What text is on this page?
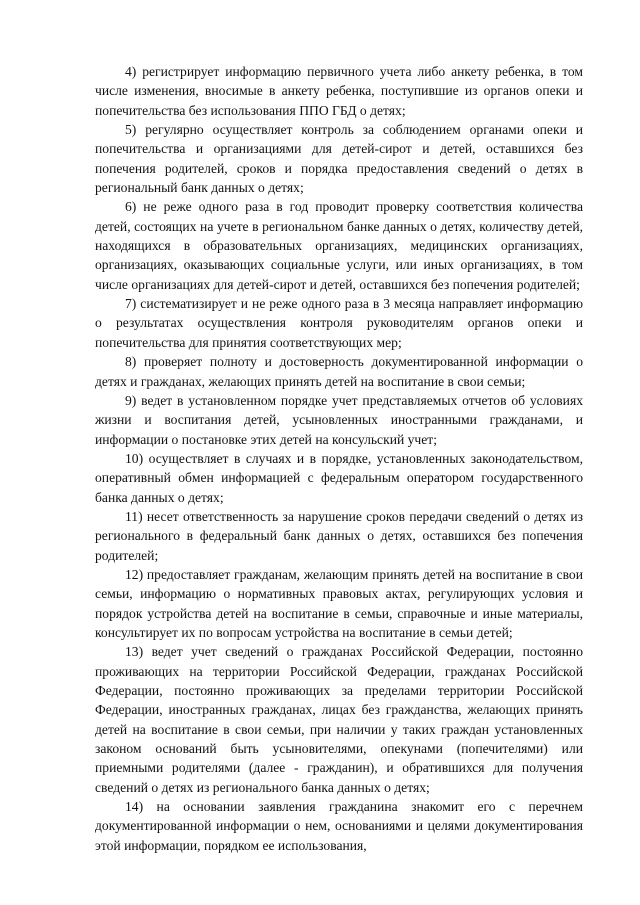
4) регистрирует информацию первичного учета либо анкету ребенка, в том числе изменения, вносимые в анкету ребенка, поступившие из органов опеки и попечительства без использования ППО ГБД о детях;

5) регулярно осуществляет контроль за соблюдением органами опеки и попечительства и организациями для детей-сирот и детей, оставшихся без попечения родителей, сроков и порядка предоставления сведений о детях в региональный банк данных о детях;

6) не реже одного раза в год проводит проверку соответствия количества детей, состоящих на учете в региональном банке данных о детях, количеству детей, находящихся в образовательных организациях, медицинских организациях, организациях, оказывающих социальные услуги, или иных организациях, в том числе организациях для детей-сирот и детей, оставшихся без попечения родителей;

7) систематизирует и не реже одного раза в 3 месяца направляет информацию о результатах осуществления контроля руководителям органов опеки и попечительства для принятия соответствующих мер;

8) проверяет полноту и достоверность документированной информации о детях и гражданах, желающих принять детей на воспитание в свои семьи;

9) ведет в установленном порядке учет представляемых отчетов об условиях жизни и воспитания детей, усыновленных иностранными гражданами, и информации о постановке этих детей на консульский учет;

10) осуществляет в случаях и в порядке, установленных законодательством, оперативный обмен информацией с федеральным оператором государственного банка данных о детях;

11) несет ответственность за нарушение сроков передачи сведений о детях из регионального в федеральный банк данных о детях, оставшихся без попечения родителей;

12) предоставляет гражданам, желающим принять детей на воспитание в свои семьи, информацию о нормативных правовых актах, регулирующих условия и порядок устройства детей на воспитание в семьи, справочные и иные материалы, консультирует их по вопросам устройства на воспитание в семьи детей;

13) ведет учет сведений о гражданах Российской Федерации, постоянно проживающих на территории Российской Федерации, гражданах Российской Федерации, постоянно проживающих за пределами территории Российской Федерации, иностранных гражданах, лицах без гражданства, желающих принять детей на воспитание в свои семьи, при наличии у таких граждан установленных законом оснований быть усыновителями, опекунами (попечителями) или приемными родителями (далее - гражданин), и обратившихся для получения сведений о детях из регионального банка данных о детях;

14) на основании заявления гражданина знакомит его с перечнем документированной информации о нем, основаниями и целями документирования этой информации, порядком ее использования,
